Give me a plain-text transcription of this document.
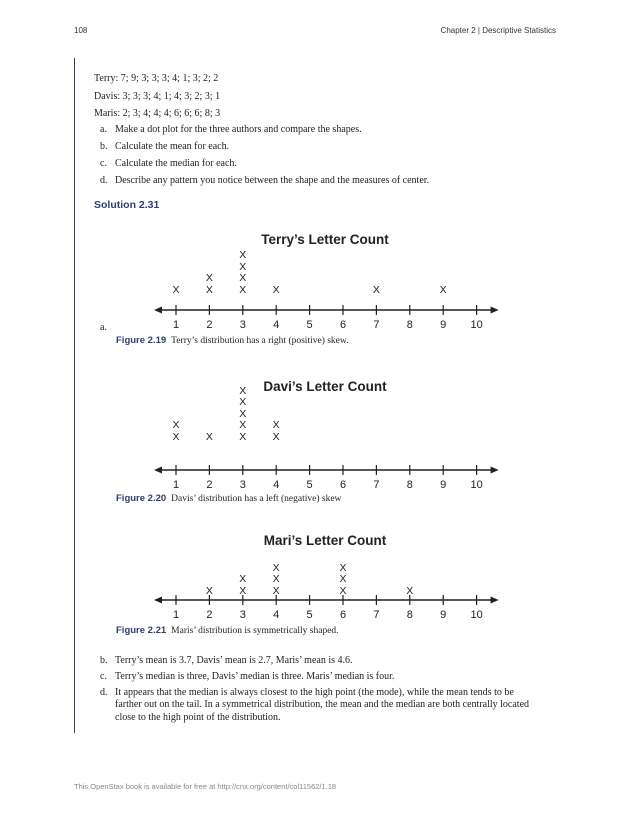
108	Chapter 2 | Descriptive Statistics
Terry: 7; 9; 3; 3; 3; 4; 1; 3; 2; 2
Davis: 3; 3; 3; 4; 1; 4; 3; 2; 3; 1
Maris: 2; 3; 4; 4; 4; 6; 6; 6; 8; 3
a. Make a dot plot for the three authors and compare the shapes.
b. Calculate the mean for each.
c. Calculate the median for each.
d. Describe any pattern you notice between the shape and the measures of center.
Solution 2.31
Terry’s Letter Count
X	X
X
X
X
X
X
X	X	X
1 2 3 4 5 6 7 8 9 10
a.
Figure 2.19 Terry’s distribution has a right (positive) skew.
Davi’s Letter Count
X
X
X	X
X
X
X
X
X
X
1 2 3 4 5 6 7 8 9 10
Figure 2.20 Davis’ distribution has a left (negative) skew
Mari’s Letter Count
X	X
X
X
X
X
X
X
X
X
1 2 3 4 5 6 7 8 9 10
Figure 2.21 Maris’ distribution is symmetrically shaped.
b. Terry’s mean is 3.7, Davis’ mean is 2.7, Maris’ mean is 4.6.
c. Terry’s median is three, Davis’ median is three. Maris’ median is four.
d. It appears that the median is always closest to the high point (the mode), while the mean tends to be farther out on the tail. In a symmetrical distribution, the mean and the median are both centrally located close to the high point of the distribution.
This OpenStax book is available for free at http://cnx.org/content/col11562/1.18
